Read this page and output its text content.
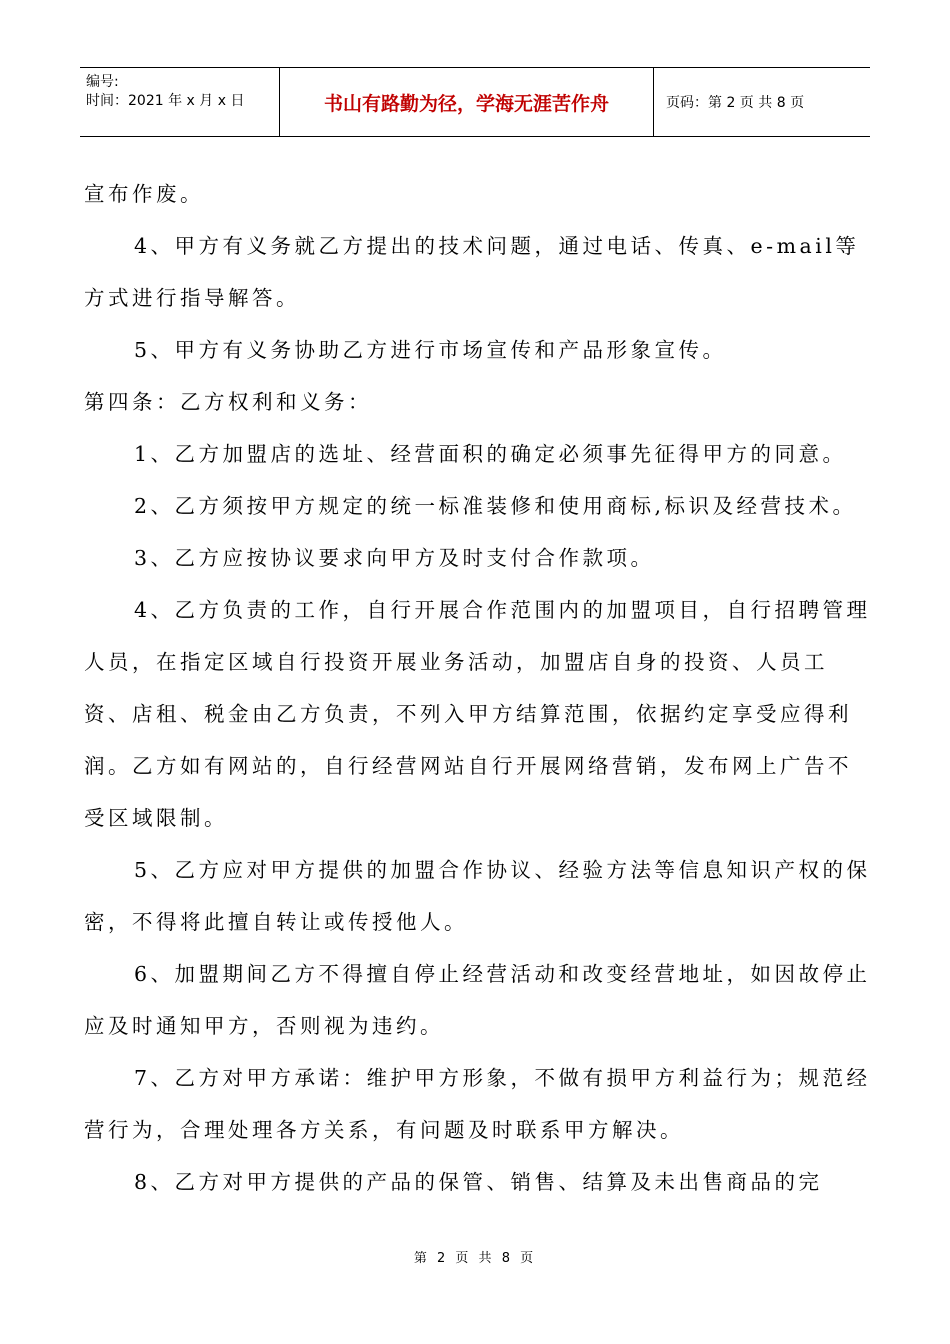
编号:
时间：2021 年 x 月 x 日	书山有路勤为径，学海无涯苦作舟	页码：第 2 页 共 8 页

宣布作废。

4、甲方有义务就乙方提出的技术问题，通过电话、传真、e-mail等方式进行指导解答。

5、甲方有义务协助乙方进行市场宣传和产品形象宣传。

第四条：乙方权利和义务：

1、乙方加盟店的选址、经营面积的确定必须事先征得甲方的同意。

2、乙方须按甲方规定的统一标准装修和使用商标,标识及经营技术。

3、乙方应按协议要求向甲方及时支付合作款项。

4、乙方负责的工作，自行开展合作范围内的加盟项目，自行招聘管理人员，在指定区域自行投资开展业务活动，加盟店自身的投资、人员工资、店租、税金由乙方负责，不列入甲方结算范围，依据约定享受应得利润。乙方如有网站的，自行经营网站自行开展网络营销，发布网上广告不受区域限制。

5、乙方应对甲方提供的加盟合作协议、经验方法等信息知识产权的保密，不得将此擅自转让或传授他人。

6、加盟期间乙方不得擅自停止经营活动和改变经营地址，如因故停止应及时通知甲方，否则视为违约。

7、乙方对甲方承诺：维护甲方形象，不做有损甲方利益行为；规范经营行为，合理处理各方关系，有问题及时联系甲方解决。

8、乙方对甲方提供的产品的保管、销售、结算及未出售商品的完

第 2 页 共 8 页
